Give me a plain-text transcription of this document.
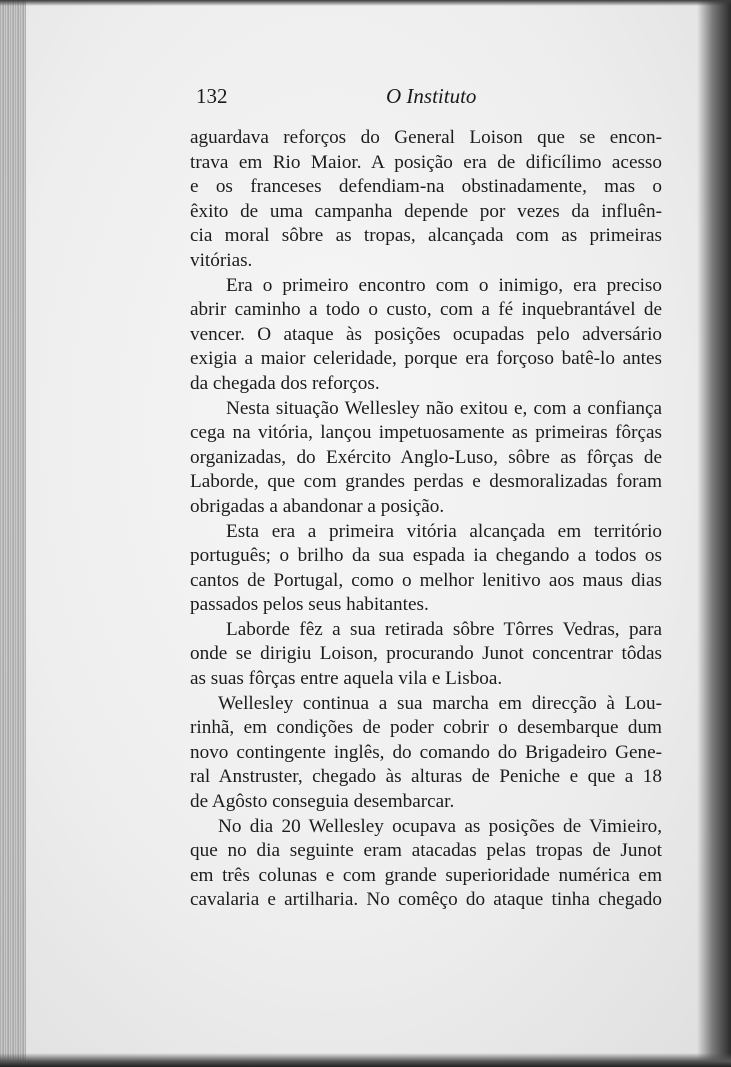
132	O Instituto

aguardava reforços do General Loison que se encon-
trava em Rio Maior. A posição era de dificílimo acesso
e os franceses defendiam-na obstinadamente, mas o
êxito de uma campanha depende por vezes da influên-
cia moral sôbre as tropas, alcançada com as primeiras
vitórias.

Era o primeiro encontro com o inimigo, era preciso
abrir caminho a todo o custo, com a fé inquebrantável de
vencer. O ataque às posições ocupadas pelo adversário
exigia a maior celeridade, porque era forçoso batê-lo antes
da chegada dos reforços.

Nesta situação Wellesley não exitou e, com a confiança
cega na vitória, lançou impetuosamente as primeiras fôrças
organizadas, do Exército Anglo-Luso, sôbre as fôrças de
Laborde, que com grandes perdas e desmoralizadas foram
obrigadas a abandonar a posição.

Esta era a primeira vitória alcançada em território
português; o brilho da sua espada ia chegando a todos os
cantos de Portugal, como o melhor lenitivo aos maus dias
passados pelos seus habitantes.

Laborde fêz a sua retirada sôbre Tôrres Vedras, para
onde se dirigiu Loison, procurando Junot concentrar tôdas
as suas fôrças entre aquela vila e Lisboa.

Wellesley continua a sua marcha em direcção à Lou-
rinhã, em condições de poder cobrir o desembarque dum
novo contingente inglês, do comando do Brigadeiro Gene-
ral Anstruster, chegado às alturas de Peniche e que a 18
de Agôsto conseguia desembarcar.

No dia 20 Wellesley ocupava as posições de Vimieiro,
que no dia seguinte eram atacadas pelas tropas de Junot
em três colunas e com grande superioridade numérica em
cavalaria e artilharia. No comêço do ataque tinha chegado
